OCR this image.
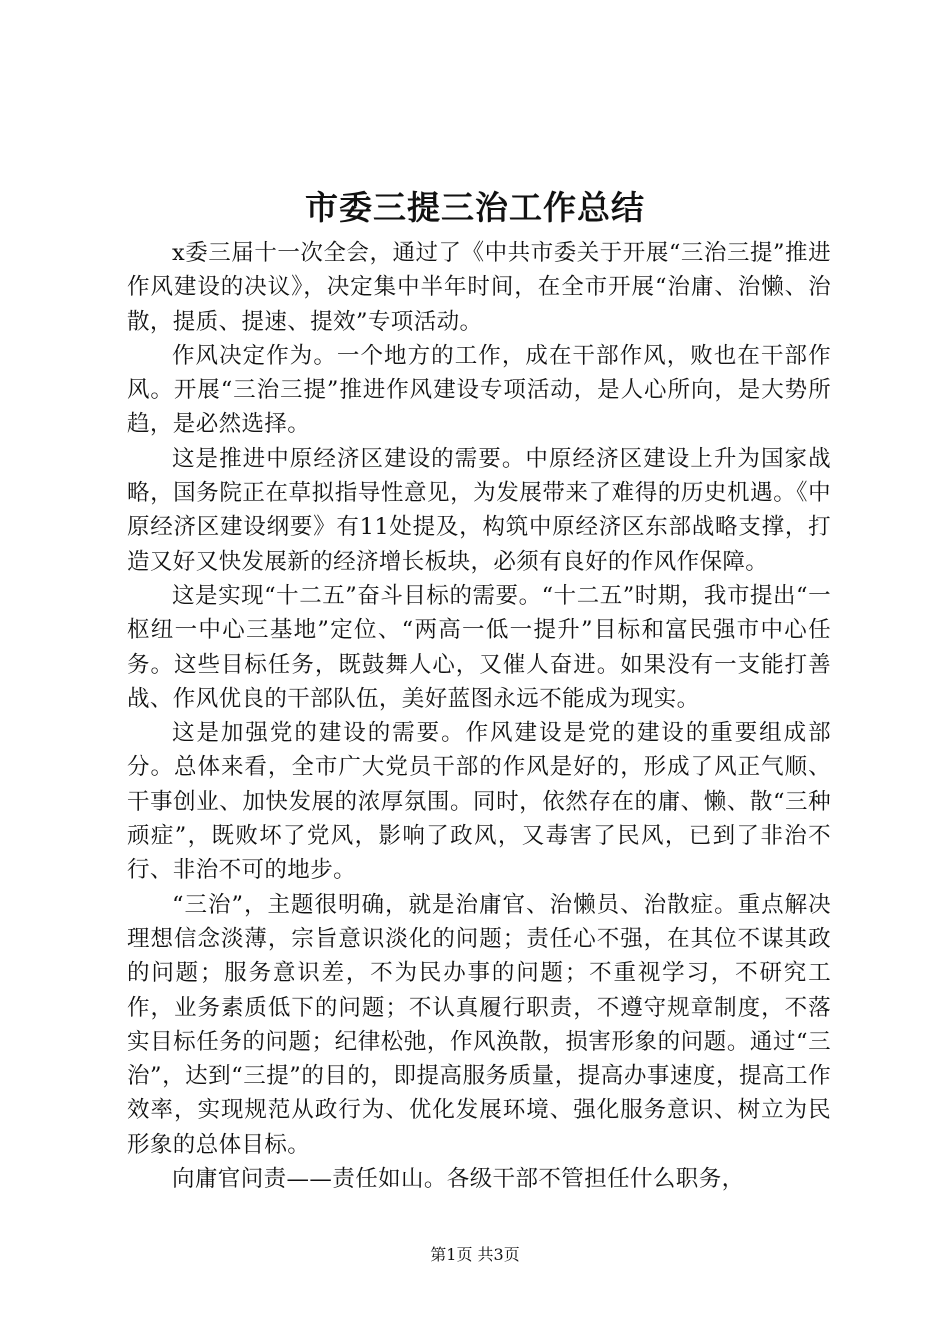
市委三提三治工作总结

x委三届十一次全会，通过了《中共市委关于开展“三治三提”推进作风建设的决议》，决定集中半年时间，在全市开展“治庸、治懒、治散，提质、提速、提效”专项活动。

作风决定作为。一个地方的工作，成在干部作风，败也在干部作风。开展“三治三提”推进作风建设专项活动，是人心所向，是大势所趋，是必然选择。

这是推进中原经济区建设的需要。中原经济区建设上升为国家战略，国务院正在草拟指导性意见，为发展带来了难得的历史机遇。《中原经济区建设纲要》有11处提及，构筑中原经济区东部战略支撑，打造又好又快发展新的经济增长板块，必须有良好的作风作保障。

这是实现“十二五”奋斗目标的需要。“十二五”时期，我市提出“一枢纽一中心三基地”定位、“两高一低一提升”目标和富民强市中心任务。这些目标任务，既鼓舞人心，又催人奋进。如果没有一支能打善战、作风优良的干部队伍，美好蓝图永远不能成为现实。

这是加强党的建设的需要。作风建设是党的建设的重要组成部分。总体来看，全市广大党员干部的作风是好的，形成了风正气顺、干事创业、加快发展的浓厚氛围。同时，依然存在的庸、懒、散“三种顽症”，既败坏了党风，影响了政风，又毒害了民风，已到了非治不行、非治不可的地步。

“三治”，主题很明确，就是治庸官、治懒员、治散症。重点解决理想信念淡薄，宗旨意识淡化的问题；责任心不强，在其位不谋其政的问题；服务意识差，不为民办事的问题；不重视学习，不研究工作，业务素质低下的问题；不认真履行职责，不遵守规章制度，不落实目标任务的问题；纪律松弛，作风涣散，损害形象的问题。通过“三治”，达到“三提”的目的，即提高服务质量，提高办事速度，提高工作效率，实现规范从政行为、优化发展环境、强化服务意识、树立为民形象的总体目标。

向庸官问责——责任如山。各级干部不管担任什么职务，

第1页 共3页
